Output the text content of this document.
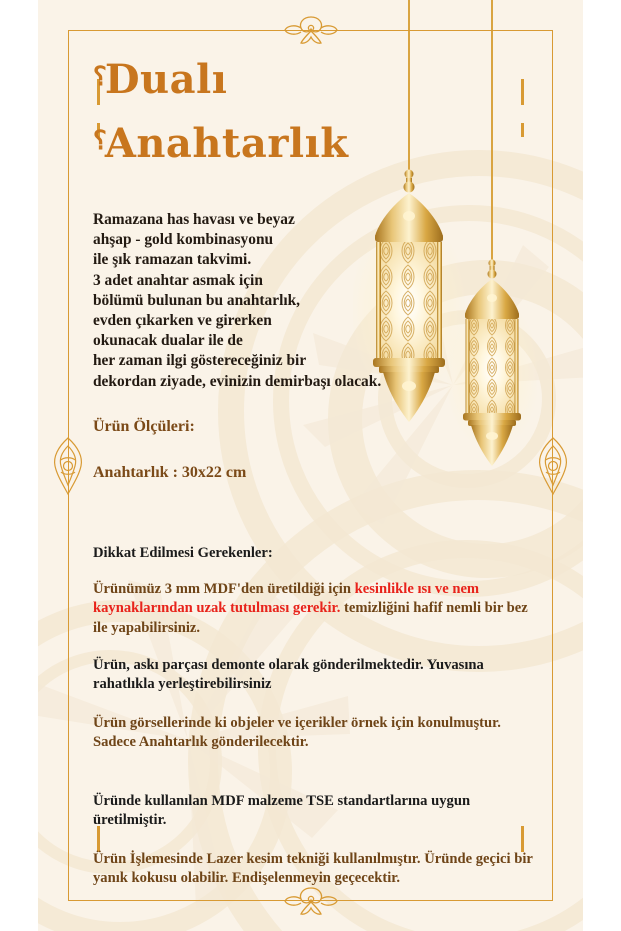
؟Dualı
؟Anahtarlık
Ramazana has havası ve beyaz
ahşap - gold kombinasyonu
ile şık ramazan takvimi.
3 adet anahtar asmak için
bölümü bulunan bu anahtarlık,
evden çıkarken ve girerken
okunacak dualar ile de
her zaman ilgi göstereceğiniz bir
dekordan ziyade, evinizin demirbaşı olacak.
Ürün Ölçüleri:
Anahtarlık : 30x22 cm
Dikkat Edilmesi Gerekenler:
Ürünümüz 3 mm MDF'den üretildiği için kesinlikle ısı ve nem kaynaklarından uzak tutulması gerekir. temizliğini hafif nemli bir bez ile yapabilirsiniz.
Ürün, askı parçası demonte olarak gönderilmektedir. Yuvasına rahatlıkla yerleştirebilirsiniz
Ürün görsellerinde ki objeler ve içerikler örnek için konulmuştur. Sadece Anahtarlık gönderilecektir.
Üründe kullanılan MDF malzeme TSE standartlarına uygun üretilmiştir.
Ürün İşlemesinde Lazer kesim tekniği kullanılmıştır. Üründe geçici bir yanık kokusu olabilir. Endişelenmeyin geçecektir.
